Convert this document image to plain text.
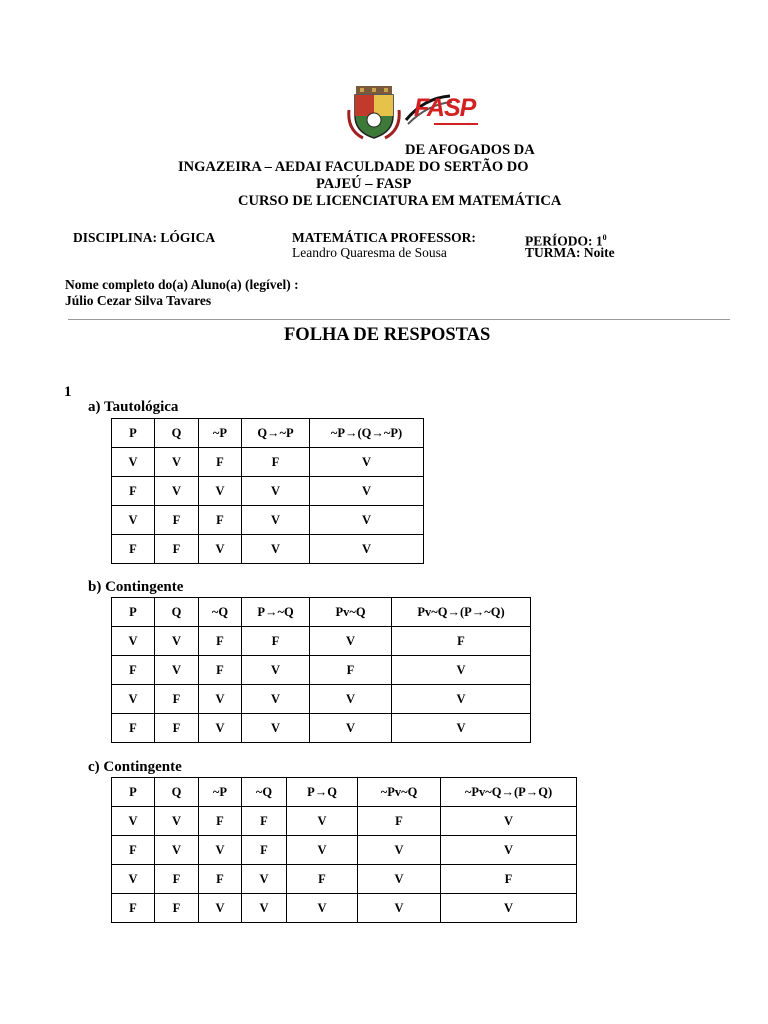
FASP
DE AFOGADOS DA
INGAZEIRA – AEDAI FACULDADE DO SERTÃO DO
PAJEÚ – FASP
CURSO DE LICENCIATURA EM MATEMÁTICA
DISCIPLINA: LÓGICA	MATEMÁTICA PROFESSOR:
Leandro Quaresma de Sousa
PERÍODO: $1^0$
TURMA: Noite
Nome completo do(a) Aluno(a) (legível) :
Júlio Cezar Silva Tavares
FOLHA DE RESPOSTAS
1
a) Tautológica
P	Q	~P	Q→~P	~P→(Q→~P)
V	V	F	F	V
F	V	V	V	V
V	F	F	V	V
F	F	V	V	V
b) Contingente
P	Q	~Q	P→~Q	Pv~Q	Pv~Q→(P→~Q)
V	V	F	F	V	F
F	V	F	V	F	V
V	F	V	V	V	V
F	F	V	V	V	V
c) Contingente
P	Q	~P	~Q	P→Q	~Pv~Q	~Pv~Q→(P→Q)
V	V	F	F	V	F	V
F	V	V	F	V	V	V
V	F	F	V	F	V	F
F	F	V	V	V	V	V
